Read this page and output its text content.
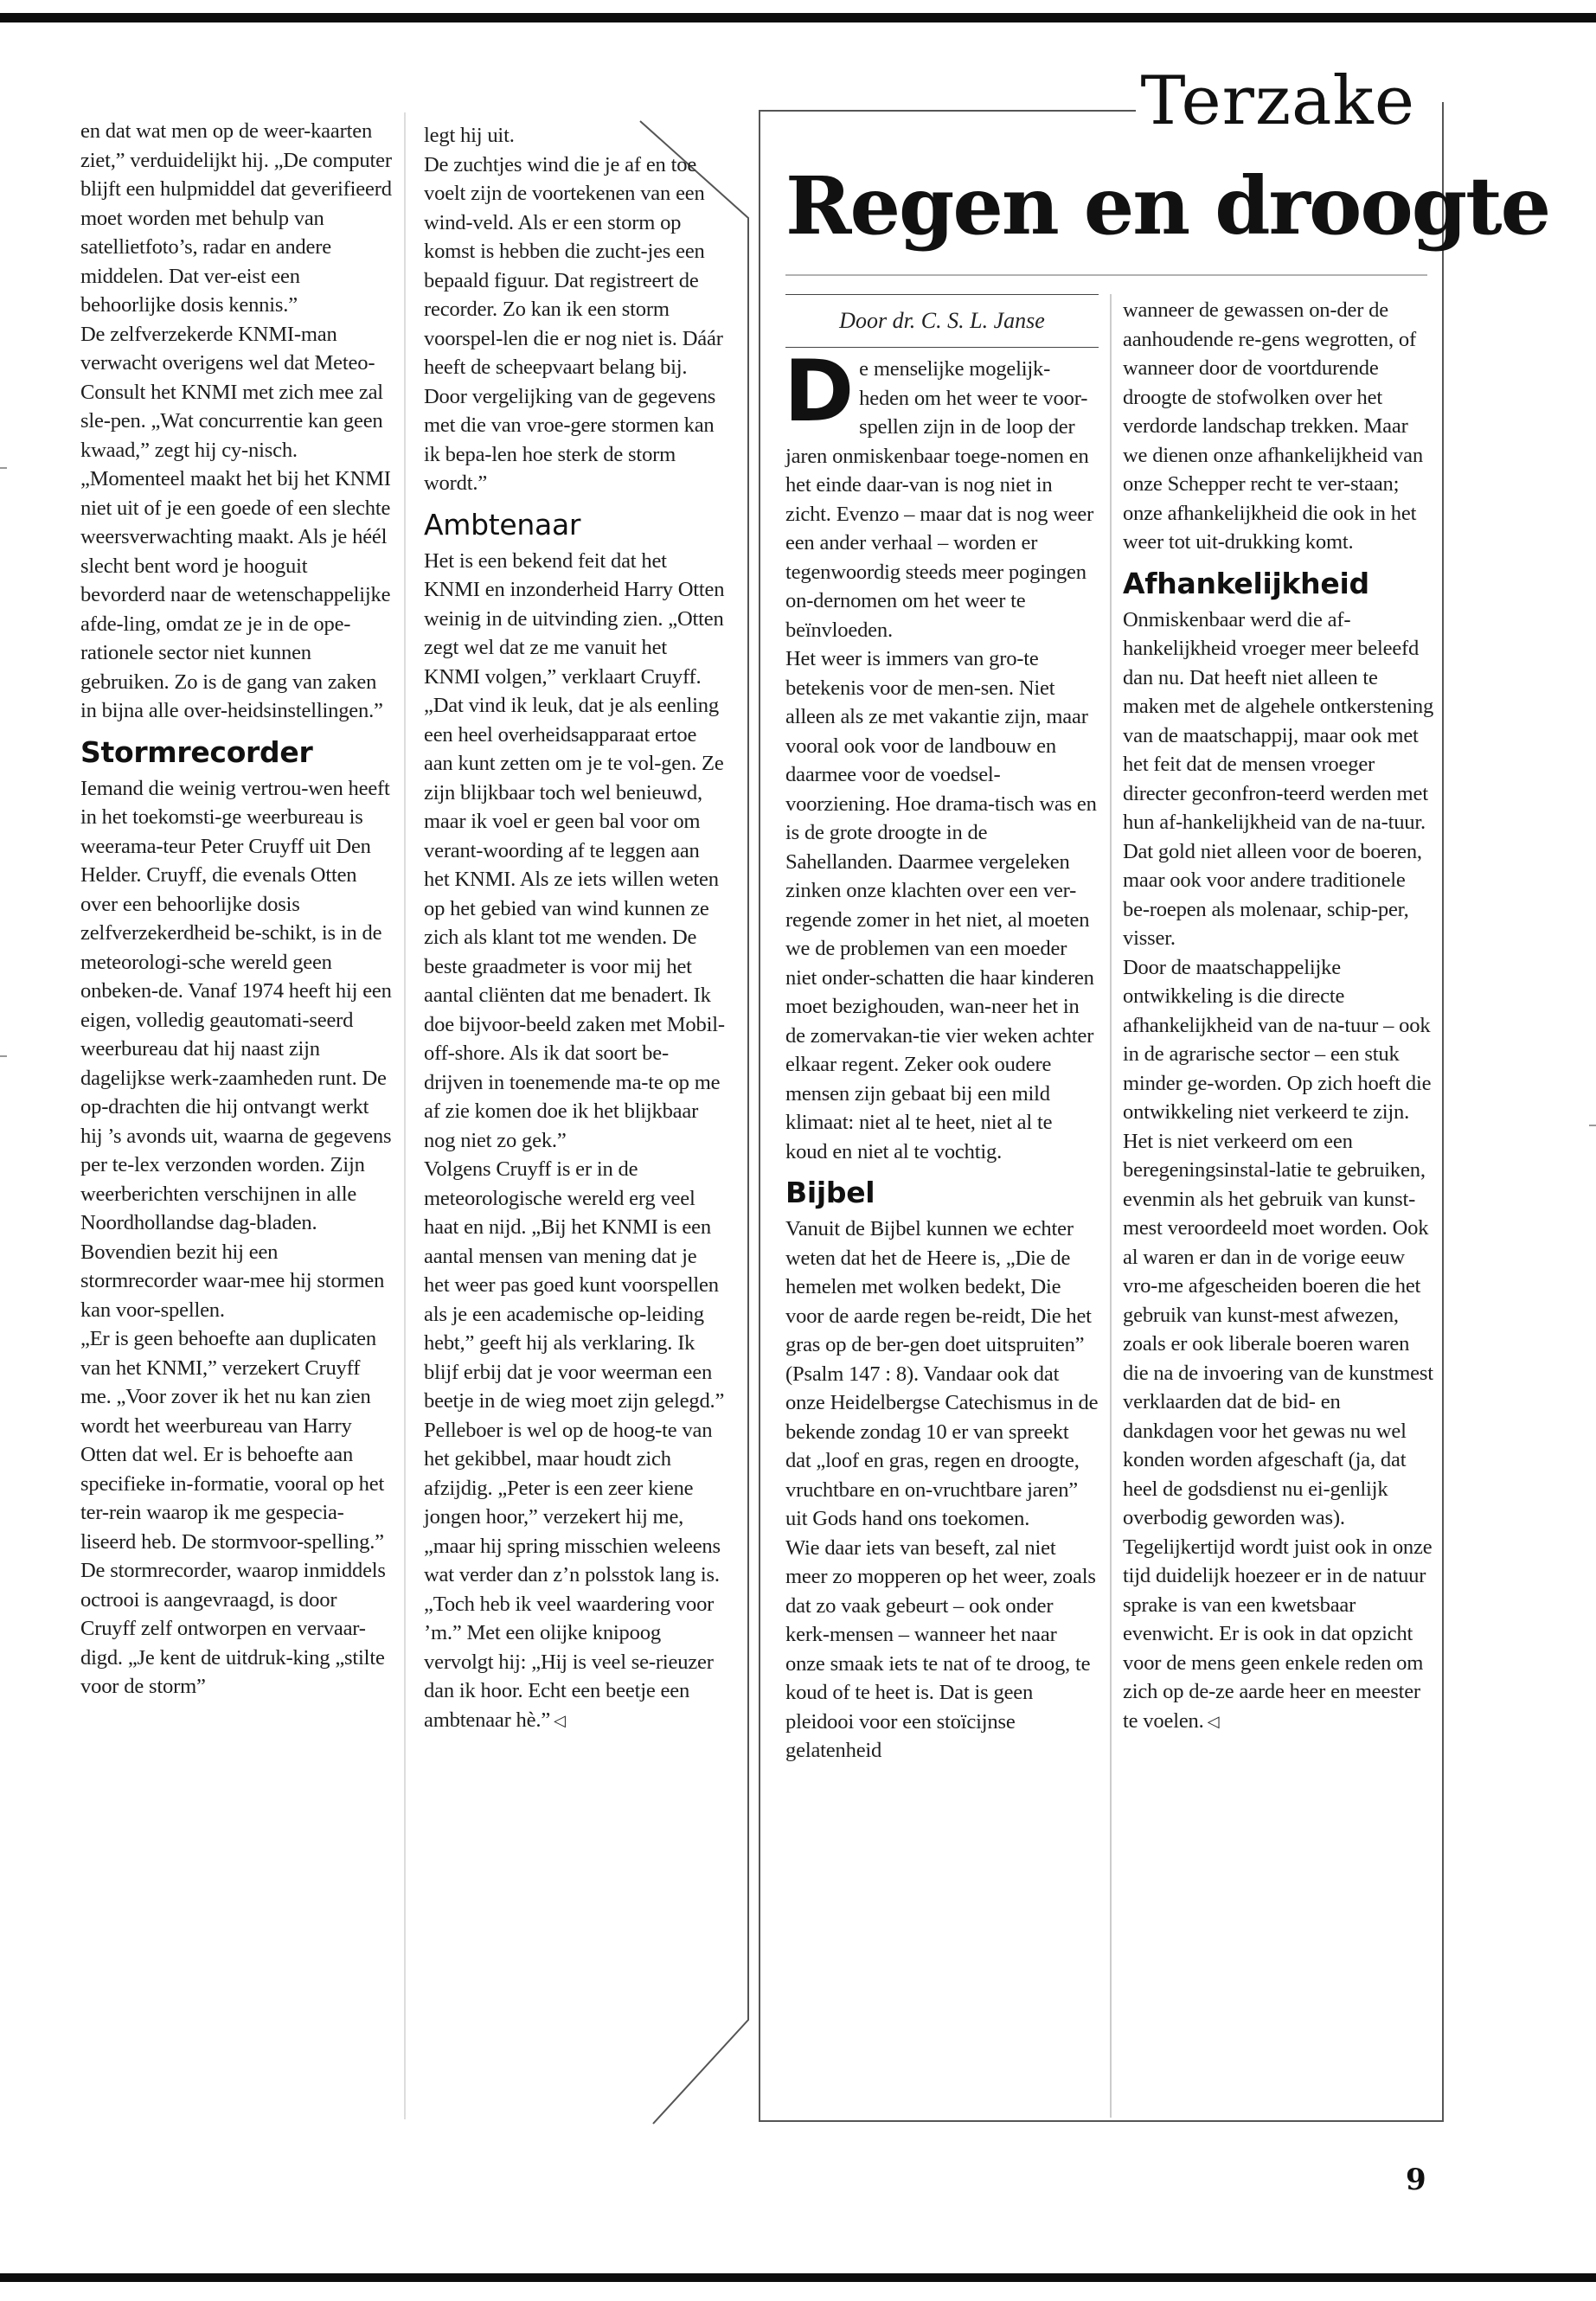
en dat wat men op de weer-kaarten ziet,” verduidelijkt hij. „De computer blijft een hulpmiddel dat geverifieerd moet worden met behulp van satellietfoto’s, radar en andere middelen. Dat ver-eist een behoorlijke dosis kennis.”

De zelfverzekerde KNMI-man verwacht overigens wel dat Meteo-Consult het KNMI met zich mee zal sle-pen. „Wat concurrentie kan geen kwaad,” zegt hij cy-nisch. „Momenteel maakt het bij het KNMI niet uit of je een goede of een slechte weersverwachting maakt. Als je héél slecht bent word je hooguit bevorderd naar de wetenschappelijke afde-ling, omdat ze je in de ope-rationele sector niet kunnen gebruiken. Zo is de gang van zaken in bijna alle over-heidsinstellingen.”

Stormrecorder

Iemand die weinig vertrou-wen heeft in het toekomsti-ge weerbureau is weerama-teur Peter Cruyff uit Den Helder. Cruyff, die evenals Otten over een behoorlijke dosis zelfverzekerdheid be-schikt, is in de meteorologi-sche wereld geen onbeken-de. Vanaf 1974 heeft hij een eigen, volledig geautomati-seerd weerbureau dat hij naast zijn dagelijkse werk-zaamheden runt. De op-drachten die hij ontvangt werkt hij ’s avonds uit, waarna de gegevens per te-lex verzonden worden. Zijn weerberichten verschijnen in alle Noordhollandse dag-bladen. Bovendien bezit hij een stormrecorder waar-mee hij stormen kan voor-spellen.

„Er is geen behoefte aan duplicaten van het KNMI,” verzekert Cruyff me. „Voor zover ik het nu kan zien wordt het weerbureau van Harry Otten dat wel. Er is behoefte aan specifieke in-formatie, vooral op het ter-rein waarop ik me gespecia-liseerd heb. De stormvoor-spelling.”

De stormrecorder, waarop inmiddels octrooi is aangevraagd, is door Cruyff zelf ontworpen en vervaar-digd. „Je kent de uitdruk-king „stilte voor de storm”

legt hij uit.

De zuchtjes wind die je af en toe voelt zijn de voortekenen van een wind-veld. Als er een storm op komst is hebben die zucht-jes een bepaald figuur. Dat registreert de recorder. Zo kan ik een storm voorspel-len die er nog niet is. Dáár heeft de scheepvaart belang bij. Door vergelijking van de gegevens met die van vroe-gere stormen kan ik bepa-len hoe sterk de storm wordt.”

Ambtenaar

Het is een bekend feit dat het KNMI en inzonderheid Harry Otten weinig in de uitvinding zien. „Otten zegt wel dat ze me vanuit het KNMI volgen,” verklaart Cruyff. „Dat vind ik leuk, dat je als eenling een heel overheidsapparaat ertoe aan kunt zetten om je te vol-gen. Ze zijn blijkbaar toch wel benieuwd, maar ik voel er geen bal voor om verant-woording af te leggen aan het KNMI. Als ze iets willen weten op het gebied van wind kunnen ze zich als klant tot me wenden. De beste graadmeter is voor mij het aantal cliënten dat me benadert. Ik doe bijvoor-beeld zaken met Mobil-off-shore. Als ik dat soort be-drijven in toenemende ma-te op me af zie komen doe ik het blijkbaar nog niet zo gek.”

Volgens Cruyff is er in de meteorologische wereld erg veel haat en nijd. „Bij het KNMI is een aantal mensen van mening dat je het weer pas goed kunt voorspellen als je een academische op-leiding hebt,” geeft hij als verklaring. Ik blijf erbij dat je voor weerman een beetje in de wieg moet zijn gelegd.”

Pelleboer is wel op de hoog-te van het gekibbel, maar houdt zich afzijdig. „Peter is een zeer kiene jongen hoor,” verzekert hij me, „maar hij spring misschien weleens wat verder dan z’n polsstok lang is. „Toch heb ik veel waardering voor ’m.” Met een olijke knipoog vervolgt hij: „Hij is veel se-rieuzer dan ik hoor. Echt een beetje een ambtenaar hè.” ◁

Terzake
Regen en droogte
Door dr. C. S. L. Janse

De menselijke mogelijk-heden om het weer te voor-spellen zijn in de loop der jaren onmiskenbaar toege-nomen en het einde daar-van is nog niet in zicht. Evenzo – maar dat is nog weer een ander verhaal – worden er tegenwoordig steeds meer pogingen on-dernomen om het weer te beïnvloeden.

Het weer is immers van gro-te betekenis voor de men-sen. Niet alleen als ze met vakantie zijn, maar vooral ook voor de landbouw en daarmee voor de voedsel-voorziening. Hoe drama-tisch was en is de grote droogte in de Sahellanden. Daarmee vergeleken zinken onze klachten over een ver-regende zomer in het niet, al moeten we de problemen van een moeder niet onder-schatten die haar kinderen moet bezighouden, wan-neer het in de zomervakan-tie vier weken achter elkaar regent. Zeker ook oudere mensen zijn gebaat bij een mild klimaat: niet al te heet, niet al te koud en niet al te vochtig.

Bijbel

Vanuit de Bijbel kunnen we echter weten dat het de Heere is, „Die de hemelen met wolken bedekt, Die voor de aarde regen be-reidt, Die het gras op de ber-gen doet uitspruiten” (Psalm 147 : 8). Vandaar ook dat onze Heidelbergse Catechismus in de bekende zondag 10 er van spreekt dat „loof en gras, regen en droogte, vruchtbare en on-vruchtbare jaren” uit Gods hand ons toekomen.

Wie daar iets van beseft, zal niet meer zo mopperen op het weer, zoals dat zo vaak gebeurt – ook onder kerk-mensen – wanneer het naar onze smaak iets te nat of te droog, te koud of te heet is. Dat is geen pleidooi voor een stoïcijnse gelatenheid

wanneer de gewassen on-der de aanhoudende re-gens wegrotten, of wanneer door de voortdurende droogte de stofwolken over het verdorde landschap trekken. Maar we dienen onze afhankelijkheid van onze Schepper recht te ver-staan; onze afhankelijkheid die ook in het weer tot uit-drukking komt.

Afhankelijkheid

Onmiskenbaar werd die af-hankelijkheid vroeger meer beleefd dan nu. Dat heeft niet alleen te maken met de algehele ontkerstening van de maatschappij, maar ook met het feit dat de mensen vroeger directer geconfron-teerd werden met hun af-hankelijkheid van de na-tuur. Dat gold niet alleen voor de boeren, maar ook voor andere traditionele be-roepen als molenaar, schip-per, visser.

Door de maatschappelijke ontwikkeling is die directe afhankelijkheid van de na-tuur – ook in de agrarische sector – een stuk minder ge-worden. Op zich hoeft die ontwikkeling niet verkeerd te zijn. Het is niet verkeerd om een beregeningsinstal-latie te gebruiken, evenmin als het gebruik van kunst-mest veroordeeld moet worden. Ook al waren er dan in de vorige eeuw vro-me afgescheiden boeren die het gebruik van kunst-mest afwezen, zoals er ook liberale boeren waren die na de invoering van de kunstmest verklaarden dat de bid- en dankdagen voor het gewas nu wel konden worden afgeschaft (ja, dat heel de godsdienst nu ei-genlijk overbodig geworden was).

Tegelijkertijd wordt juist ook in onze tijd duidelijk hoezeer er in de natuur sprake is van een kwetsbaar evenwicht. Er is ook in dat opzicht voor de mens geen enkele reden om zich op de-ze aarde heer en meester te voelen. ◁

9
